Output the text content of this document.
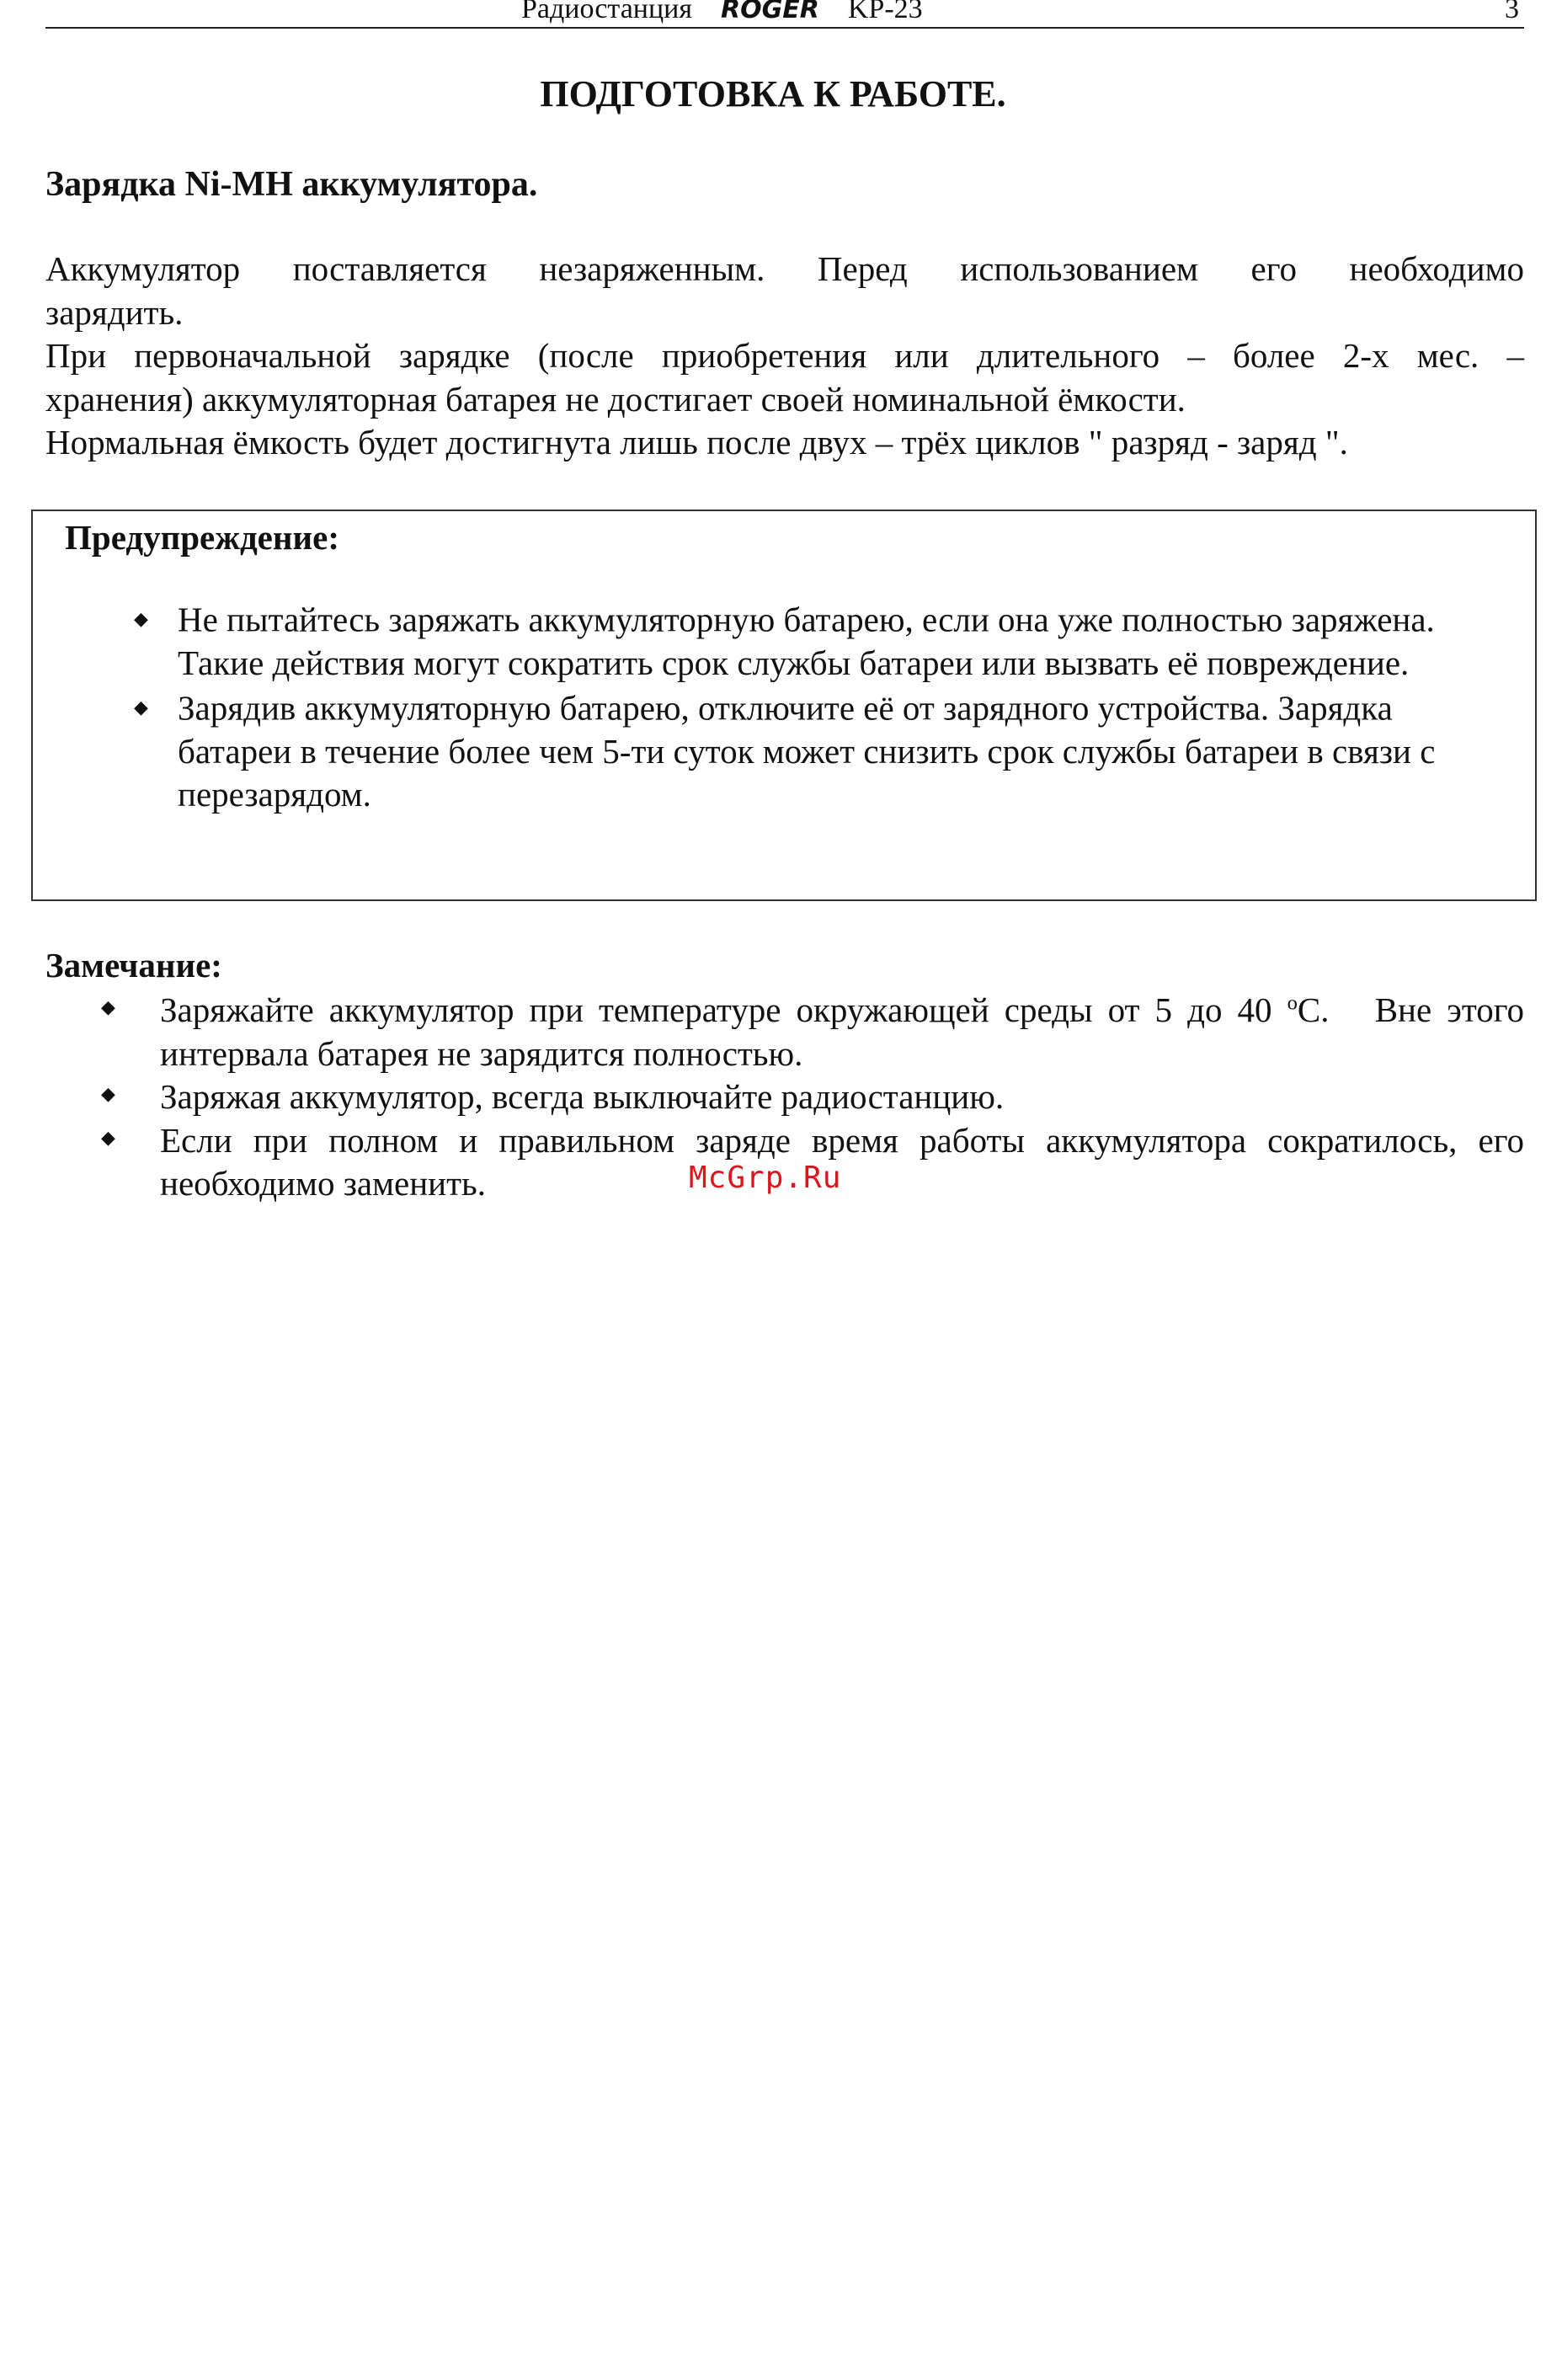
Радиостанция ROGER KP-23	3
ПОДГОТОВКА К РАБОТЕ.
Зарядка Ni-MH аккумулятора.

Аккумулятор поставляется незаряженным. Перед использованием его необходимо

зарядить.

При первоначальной зарядке (после приобретения или длительного – более 2-х мес. –

хранения) аккумуляторная батарея не достигает своей номинальной ёмкости.

Нормальная ёмкость будет достигнута лишь после двух – трёх циклов " разряд - заряд ".

Предупреждение:
◆ Не пытайтесь заряжать аккумуляторную батарею, если она уже полностью заряжена. Такие действия могут сократить срок службы батареи или вызвать её повреждение.
◆ Зарядив аккумуляторную батарею, отключите её от зарядного устройства. Зарядка батареи в течение более чем 5-ти суток может снизить срок службы батареи в связи с перезарядом.
Замечание:
◆ Заряжайте аккумулятор при температуре окружающей среды от 5 до 40 $^o$С. Вне этого интервала батарея не зарядится полностью.
◆ Заряжая аккумулятор, всегда выключайте радиостанцию.
◆ Если при полном и правильном заряде время работы аккумулятора сократилось, его необходимо заменить.	McGrp.Ru
